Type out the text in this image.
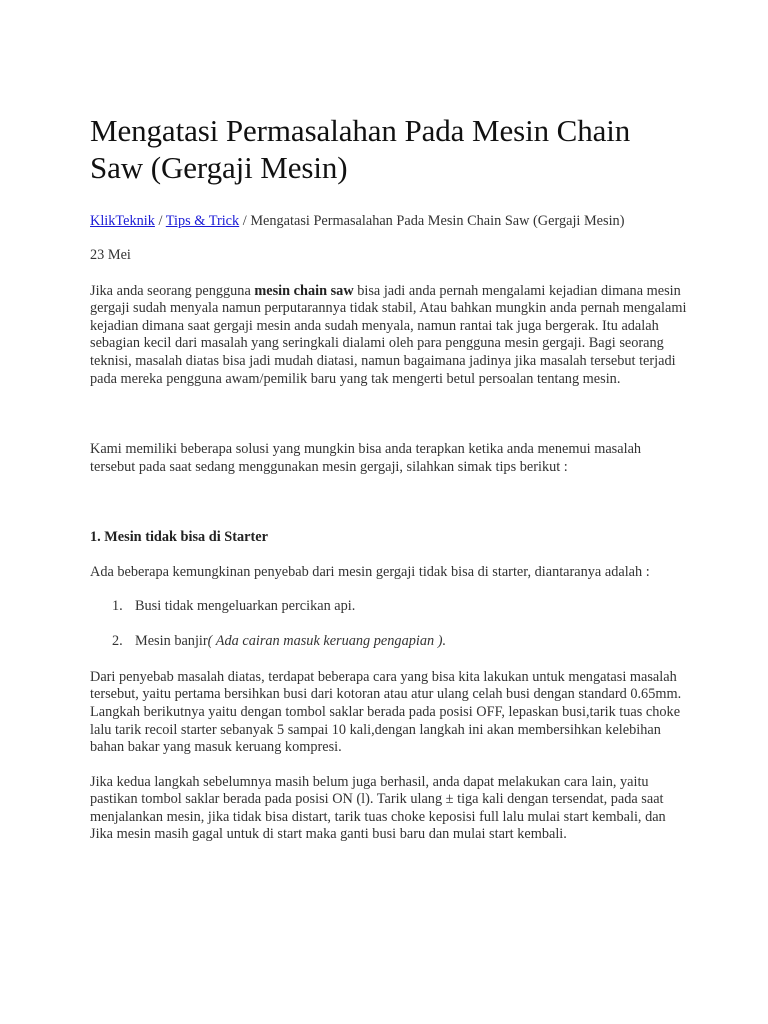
Mengatasi Permasalahan Pada Mesin Chain Saw (Gergaji Mesin)
KlikTeknik / Tips & Trick / Mengatasi Permasalahan Pada Mesin Chain Saw (Gergaji Mesin)

23 Mei

Jika anda seorang pengguna mesin chain saw bisa jadi anda pernah mengalami kejadian dimana mesin gergaji sudah menyala namun perputarannya tidak stabil, Atau bahkan mungkin anda pernah mengalami kejadian dimana saat gergaji mesin anda sudah menyala, namun rantai tak juga bergerak. Itu adalah sebagian kecil dari masalah yang seringkali dialami oleh para pengguna mesin gergaji. Bagi seorang teknisi, masalah diatas bisa jadi mudah diatasi, namun bagaimana jadinya jika masalah tersebut terjadi pada mereka pengguna awam/pemilik baru yang tak mengerti betul persoalan tentang mesin.

Kami memiliki beberapa solusi yang mungkin bisa anda terapkan ketika anda menemui masalah tersebut pada saat sedang menggunakan mesin gergaji, silahkan simak tips berikut :

1. Mesin tidak bisa di Starter

Ada beberapa kemungkinan penyebab dari mesin gergaji tidak bisa di starter, diantaranya adalah :

1. Busi tidak mengeluarkan percikan api.
2. Mesin banjir( Ada cairan masuk keruang pengapian ).

Dari penyebab masalah diatas, terdapat beberapa cara yang bisa kita lakukan untuk mengatasi masalah tersebut, yaitu pertama bersihkan busi dari kotoran atau atur ulang celah busi dengan standard 0.65mm. Langkah berikutnya yaitu dengan tombol saklar berada pada posisi OFF, lepaskan busi,tarik tuas choke lalu tarik recoil starter sebanyak 5 sampai 10 kali,dengan langkah ini akan membersihkan kelebihan bahan bakar yang masuk keruang kompresi.

Jika kedua langkah sebelumnya masih belum juga berhasil, anda dapat melakukan cara lain, yaitu pastikan tombol saklar berada pada posisi ON (l). Tarik ulang ± tiga kali dengan tersendat, pada saat menjalankan mesin, jika tidak bisa distart, tarik tuas choke keposisi full lalu mulai start kembali, dan Jika mesin masih gagal untuk di start maka ganti busi baru dan mulai start kembali.
